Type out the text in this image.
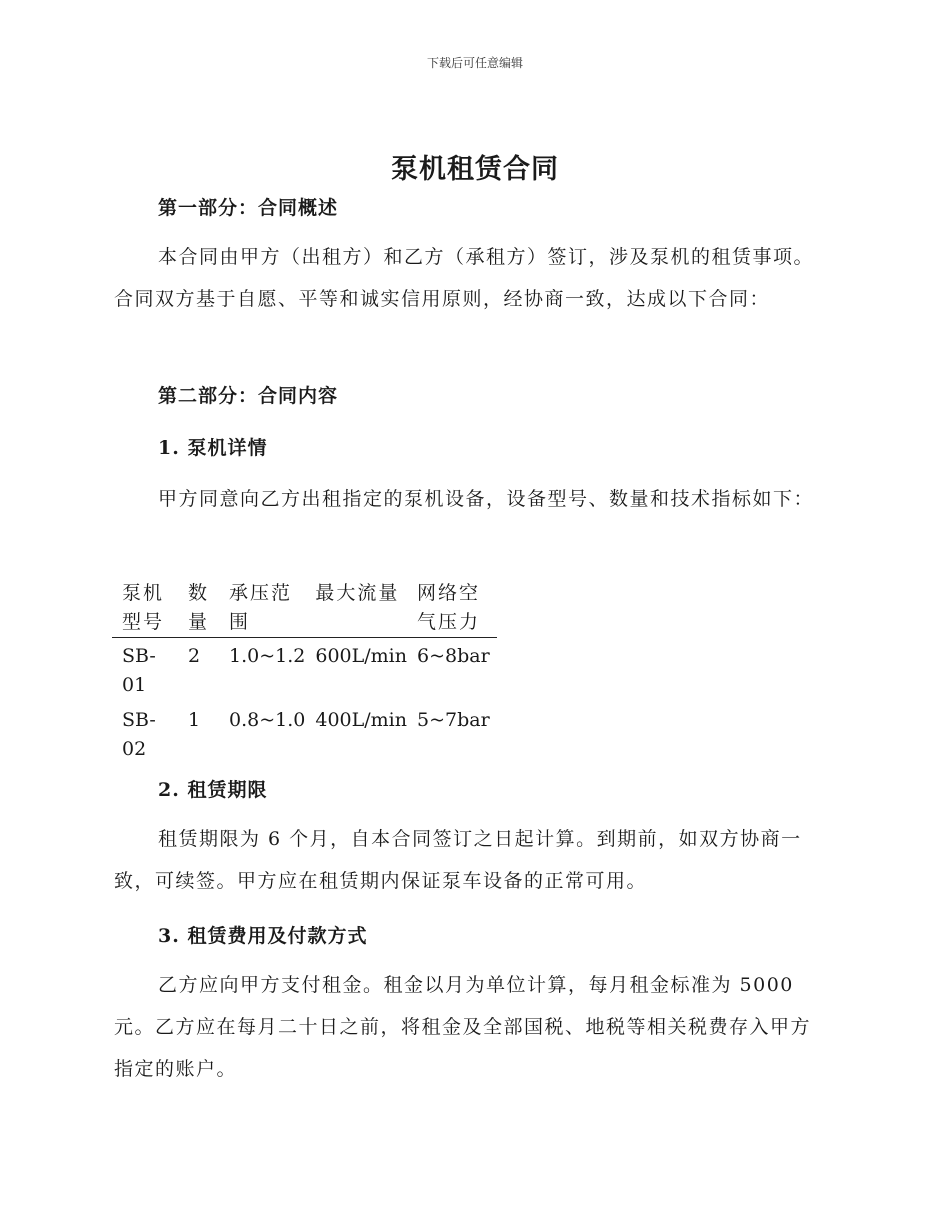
下载后可任意编辑
泵机租赁合同
第一部分：合同概述

本合同由甲方（出租方）和乙方（承租方）签订，涉及泵机的租赁事项。合同双方基于自愿、平等和诚实信用原则，经协商一致，达成以下合同：

第二部分：合同内容
1. 泵机详情

甲方同意向乙方出租指定的泵机设备，设备型号、数量和技术指标如下：

泵机型号	数量	承压范围	最大流量	网络空气压力
SB-01	2	1.0~1.2	600L/min	6~8bar
SB-02	1	0.8~1.0	400L/min	5~7bar
2. 租赁期限

租赁期限为 6 个月，自本合同签订之日起计算。到期前，如双方协商一致，可续签。甲方应在租赁期内保证泵车设备的正常可用。

3. 租赁费用及付款方式

乙方应向甲方支付租金。租金以月为单位计算，每月租金标准为 5000 元。乙方应在每月二十日之前，将租金及全部国税、地税等相关税费存入甲方指定的账户。
